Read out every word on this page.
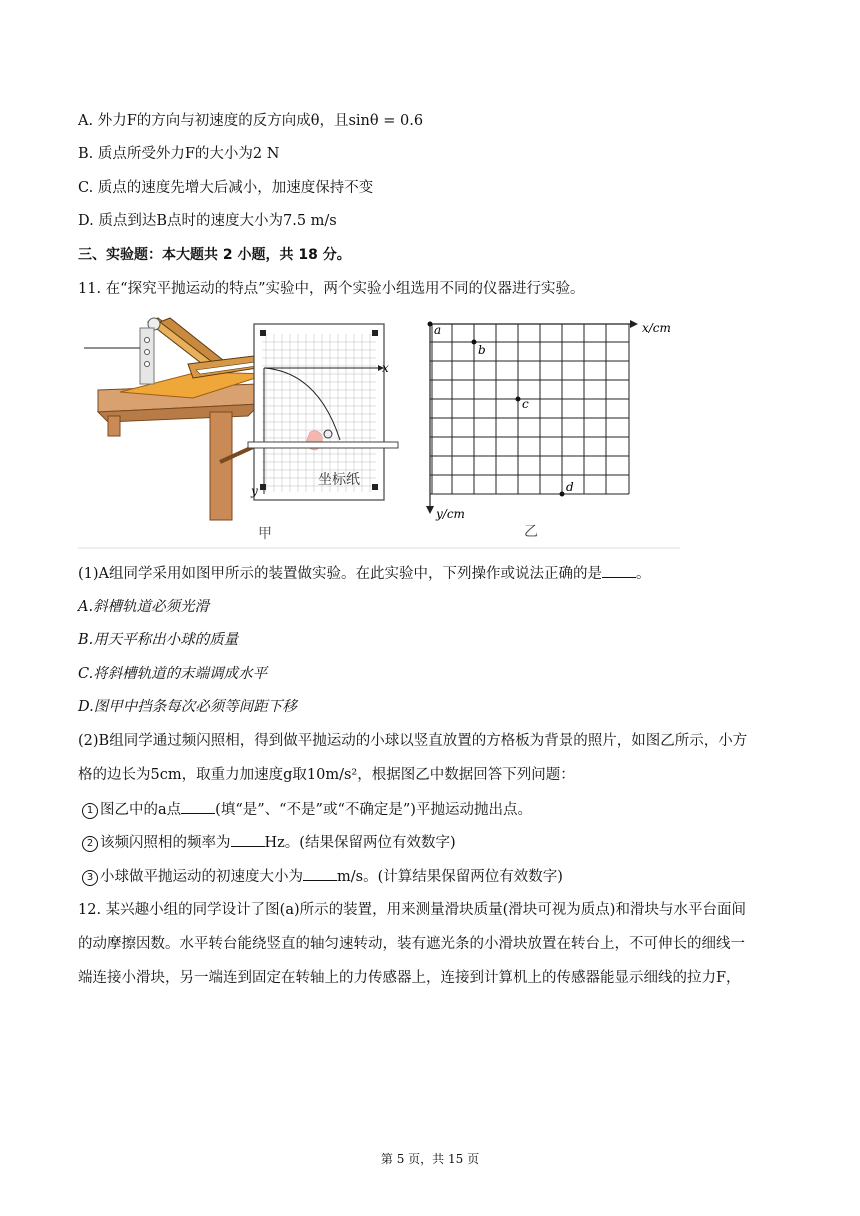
A. 外力F的方向与初速度的反方向成θ，且sinθ = 0.6
B. 质点所受外力F的大小为2 N
C. 质点的速度先增大后减小，加速度保持不变
D. 质点到达B点时的速度大小为7.5 m/s
三、实验题：本大题共 2 小题，共 18 分。
11. 在“探究平抛运动的特点”实验中，两个实验小组选用不同的仪器进行实验。
x
y
坐标纸
甲
a
b
c
d
x/cm
y/cm
乙
(1)A组同学采用如图甲所示的装置做实验。在此实验中，下列操作或说法正确的是 。
A.斜槽轨道必须光滑
B.用天平称出小球的质量
C.将斜槽轨道的末端调成水平
D.图甲中挡条每次必须等间距下移
(2)B组同学通过频闪照相，得到做平抛运动的小球以竖直放置的方格板为背景的照片，如图乙所示，小方
格的边长为5cm，取重力加速度g取10m/s²，根据图乙中数据回答下列问题：
1 图乙中的a点 (填“是”、“不是”或“不确定是”)平抛运动抛出点。
2 该频闪照相的频率为 Hz。(结果保留两位有效数字)
3 小球做平抛运动的初速度大小为 m/s。(计算结果保留两位有效数字)
12. 某兴趣小组的同学设计了图(a)所示的装置，用来测量滑块质量(滑块可视为质点)和滑块与水平台面间
的动摩擦因数。水平转台能绕竖直的轴匀速转动，装有遮光条的小滑块放置在转台上，不可伸长的细线一
端连接小滑块，另一端连到固定在转轴上的力传感器上，连接到计算机上的传感器能显示细线的拉力F，
第 5 页，共 15 页
